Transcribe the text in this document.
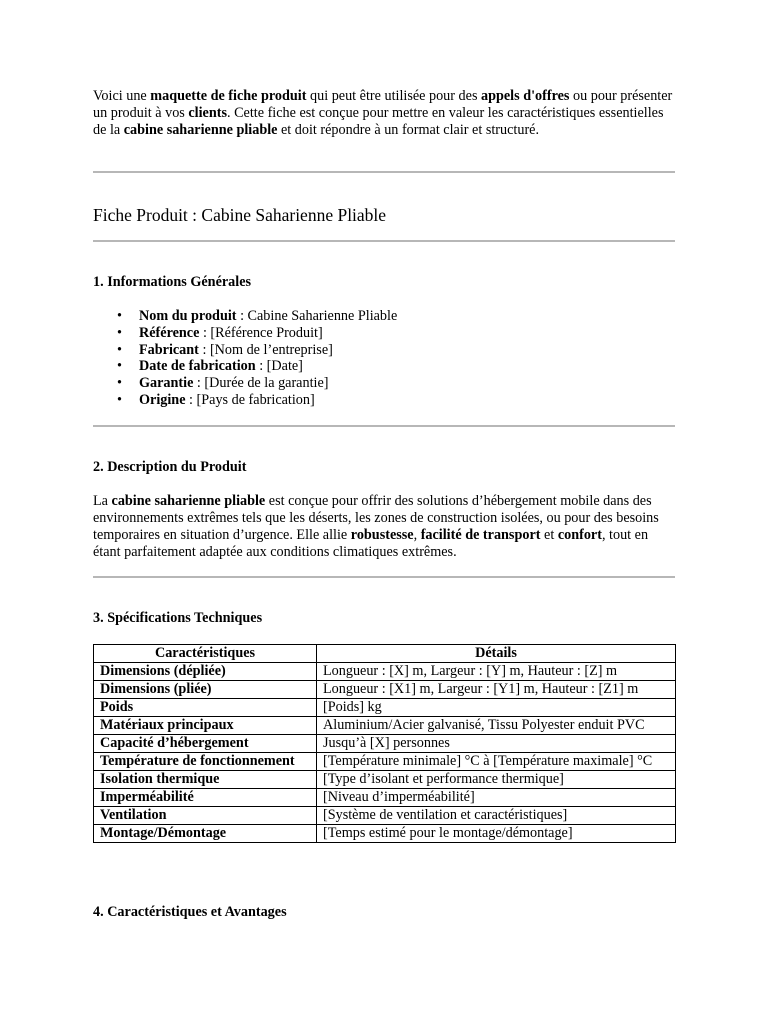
Voici une maquette de fiche produit qui peut être utilisée pour des appels d'offres ou pour présenter un produit à vos clients. Cette fiche est conçue pour mettre en valeur les caractéristiques essentielles de la cabine saharienne pliable et doit répondre à un format clair et structuré.

Fiche Produit : Cabine Saharienne Pliable
1. Informations Générales
• Nom du produit : Cabine Saharienne Pliable
• Référence : [Référence Produit]
• Fabricant : [Nom de l’entreprise]
• Date de fabrication : [Date]
• Garantie : [Durée de la garantie]
• Origine : [Pays de fabrication]
2. Description du Produit

La cabine saharienne pliable est conçue pour offrir des solutions d’hébergement mobile dans des environnements extrêmes tels que les déserts, les zones de construction isolées, ou pour des besoins temporaires en situation d’urgence. Elle allie robustesse, facilité de transport et confort, tout en étant parfaitement adaptée aux conditions climatiques extrêmes.

3. Spécifications Techniques
Caractéristiques	Détails
Dimensions (dépliée)	Longueur : [X] m, Largeur : [Y] m, Hauteur : [Z] m
Dimensions (pliée)	Longueur : [X1] m, Largeur : [Y1] m, Hauteur : [Z1] m
Poids	[Poids] kg
Matériaux principaux	Aluminium/Acier galvanisé, Tissu Polyester enduit PVC
Capacité d’hébergement	Jusqu’à [X] personnes
Température de fonctionnement	[Température minimale] °C à [Température maximale] °C
Isolation thermique	[Type d’isolant et performance thermique]
Imperméabilité	[Niveau d’imperméabilité]
Ventilation	[Système de ventilation et caractéristiques]
Montage/Démontage	[Temps estimé pour le montage/démontage]
4. Caractéristiques et Avantages
